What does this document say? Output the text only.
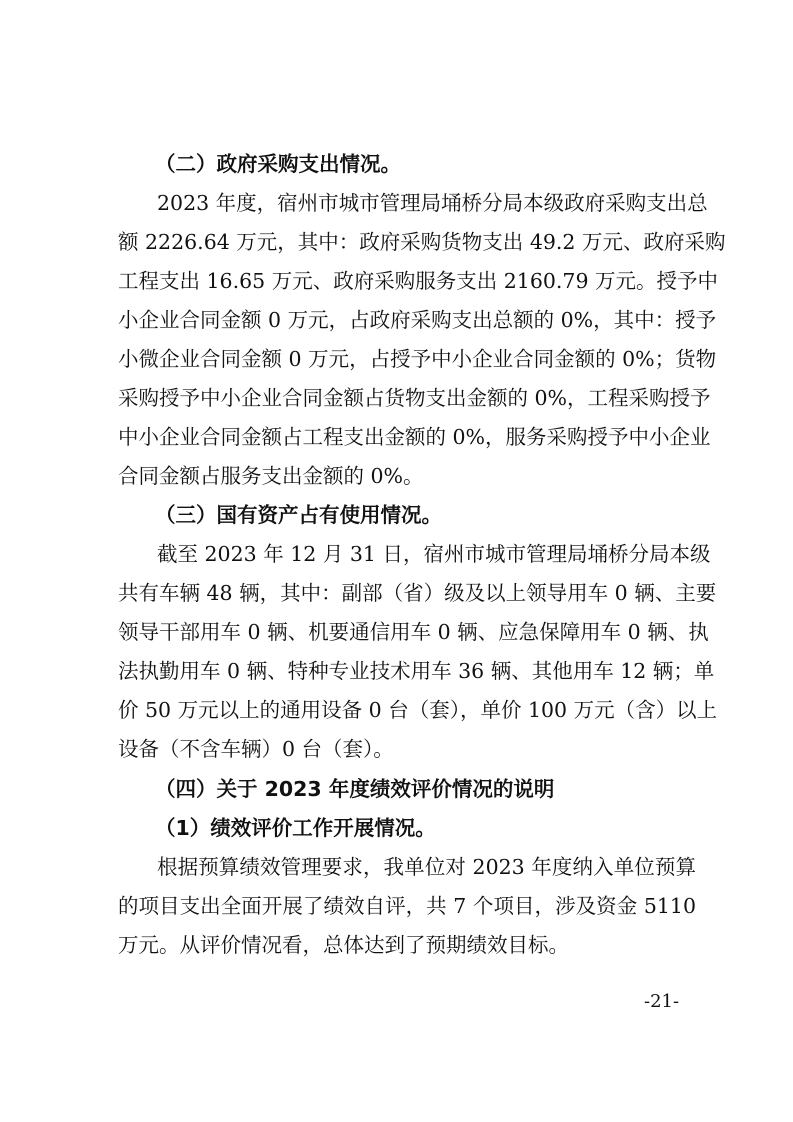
（二）政府采购支出情况。

2023 年度，宿州市城市管理局埇桥分局本级政府采购支出总

额 2226.64 万元，其中：政府采购货物支出 49.2 万元、政府采购

工程支出 16.65 万元、政府采购服务支出 2160.79 万元。授予中

小企业合同金额 0 万元，占政府采购支出总额的 0%，其中：授予

小微企业合同金额 0 万元，占授予中小企业合同金额的 0%；货物

采购授予中小企业合同金额占货物支出金额的 0%，工程采购授予

中小企业合同金额占工程支出金额的 0%，服务采购授予中小企业

合同金额占服务支出金额的 0%。

（三）国有资产占有使用情况。

截至 2023 年 12 月 31 日，宿州市城市管理局埇桥分局本级

共有车辆 48 辆，其中：副部（省）级及以上领导用车 0 辆、主要

领导干部用车 0 辆、机要通信用车 0 辆、应急保障用车 0 辆、执

法执勤用车 0 辆、特种专业技术用车 36 辆、其他用车 12 辆；单

价 50 万元以上的通用设备 0 台（套），单价 100 万元（含）以上

设备（不含车辆）0 台（套）。

（四）关于 2023 年度绩效评价情况的说明

（1）绩效评价工作开展情况。

根据预算绩效管理要求，我单位对 2023 年度纳入单位预算

的项目支出全面开展了绩效自评，共 7 个项目，涉及资金 5110

万元。从评价情况看，总体达到了预期绩效目标。

-21-
